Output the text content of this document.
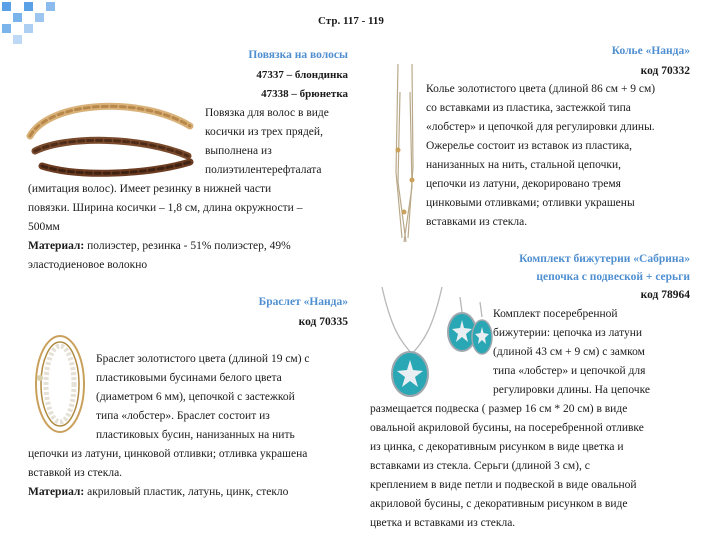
Стр. 117 - 119
Повязка на волосы
47337 – блондинка
47338 – брюнетка
Повязка для волос в виде
косички из трех прядей,
выполнена из
полиэтилентерефталата
(имитация волос). Имеет резинку в нижней части
повязки. Ширина косички – 1,8 см, длина окружности –
500мм
Материал: полиэстер, резинка - 51% полиэстер, 49%
эластодиеновое волокно
Браслет «Нанда»
код 70335
Браслет золотистого цвета (длиной 19 см) с
пластиковыми бусинами белого цвета
(диаметром 6 мм), цепочкой с застежкой
типа «лобстер». Браслет состоит из
пластиковых бусин, нанизанных на нить
цепочки из латуни, цинковой отливки; отливка украшена
вставкой из стекла.
Материал: акриловый пластик, латунь, цинк, стекло
Колье «Нанда»
код 70332
Колье золотистого цвета (длиной 86 см + 9 см)
со вставками из пластика, застежкой типа
«лобстер» и цепочкой для регулировки длины.
Ожерелье состоит из вставок из пластика,
нанизанных на нить, стальной цепочки,
цепочки из латуни, декорировано тремя
цинковыми отливками; отливки украшены
вставками из стекла.
Комплект бижутерии «Сабрина»
цепочка с подвеской + серьги
код 78964
Комплект посеребренной
бижутерии: цепочка из латуни
(длиной 43 см + 9 см) с замком
типа «лобстер» и цепочкой для
регулировки длины. На цепочке
размещается подвеска ( размер 16 см * 20 см) в виде
овальной акриловой бусины, на посеребренной отливке
из цинка, с декоративным рисунком в виде цветка и
вставками из стекла. Серьги (длиной 3 см), с
креплением в виде петли и подвеской в виде овальной
акриловой бусины, с декоративным рисунком в виде
цветка и вставками из стекла.
